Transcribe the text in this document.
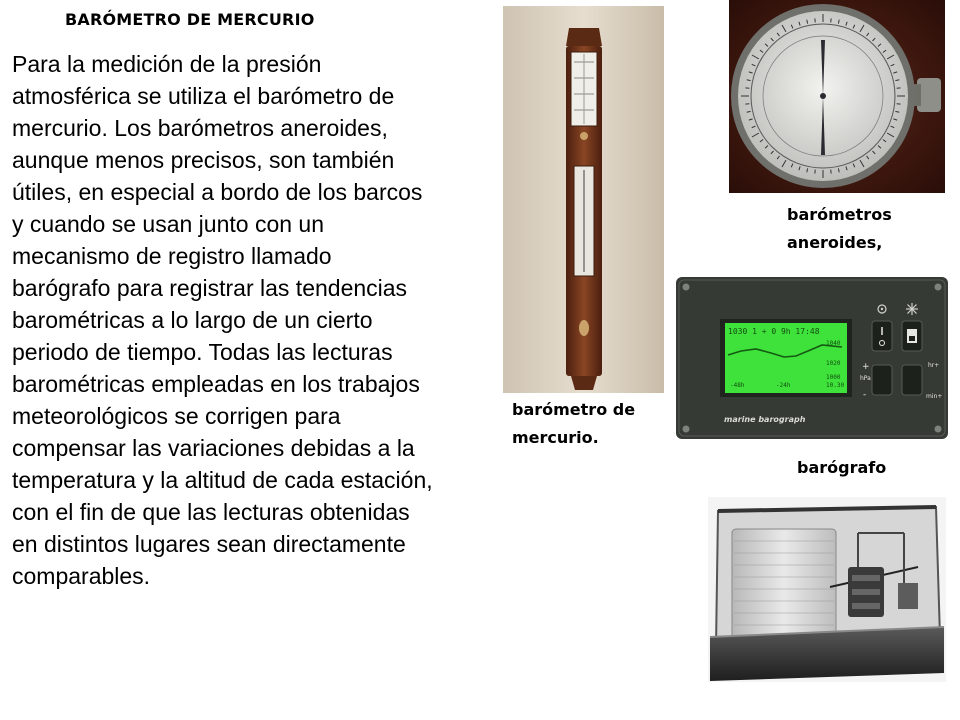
BARÓMETRO DE MERCURIO
Para la medición de la presión
atmosférica se utiliza el barómetro de
mercurio. Los barómetros aneroides,
aunque menos precisos, son también
útiles, en especial a bordo de los barcos
y cuando se usan junto con un
mecanismo de registro llamado
barógrafo para registrar las tendencias
barométricas a lo largo de un cierto
periodo de tiempo. Todas las lecturas
barométricas empleadas en los trabajos
meteorológicos se corrigen para
compensar las variaciones debidas a la
temperatura y la altitud de cada estación,
con el fin de que las lecturas obtenidas
en distintos lugares sean directamente
comparables.
barómetro de
mercurio.
barómetros
aneroides,
1030 1 + 0 9h 17:48
1040
1020
1000
10.30
-48h	-24h
marine barograph
+
hPa
-
hr+
min+
barógrafo
